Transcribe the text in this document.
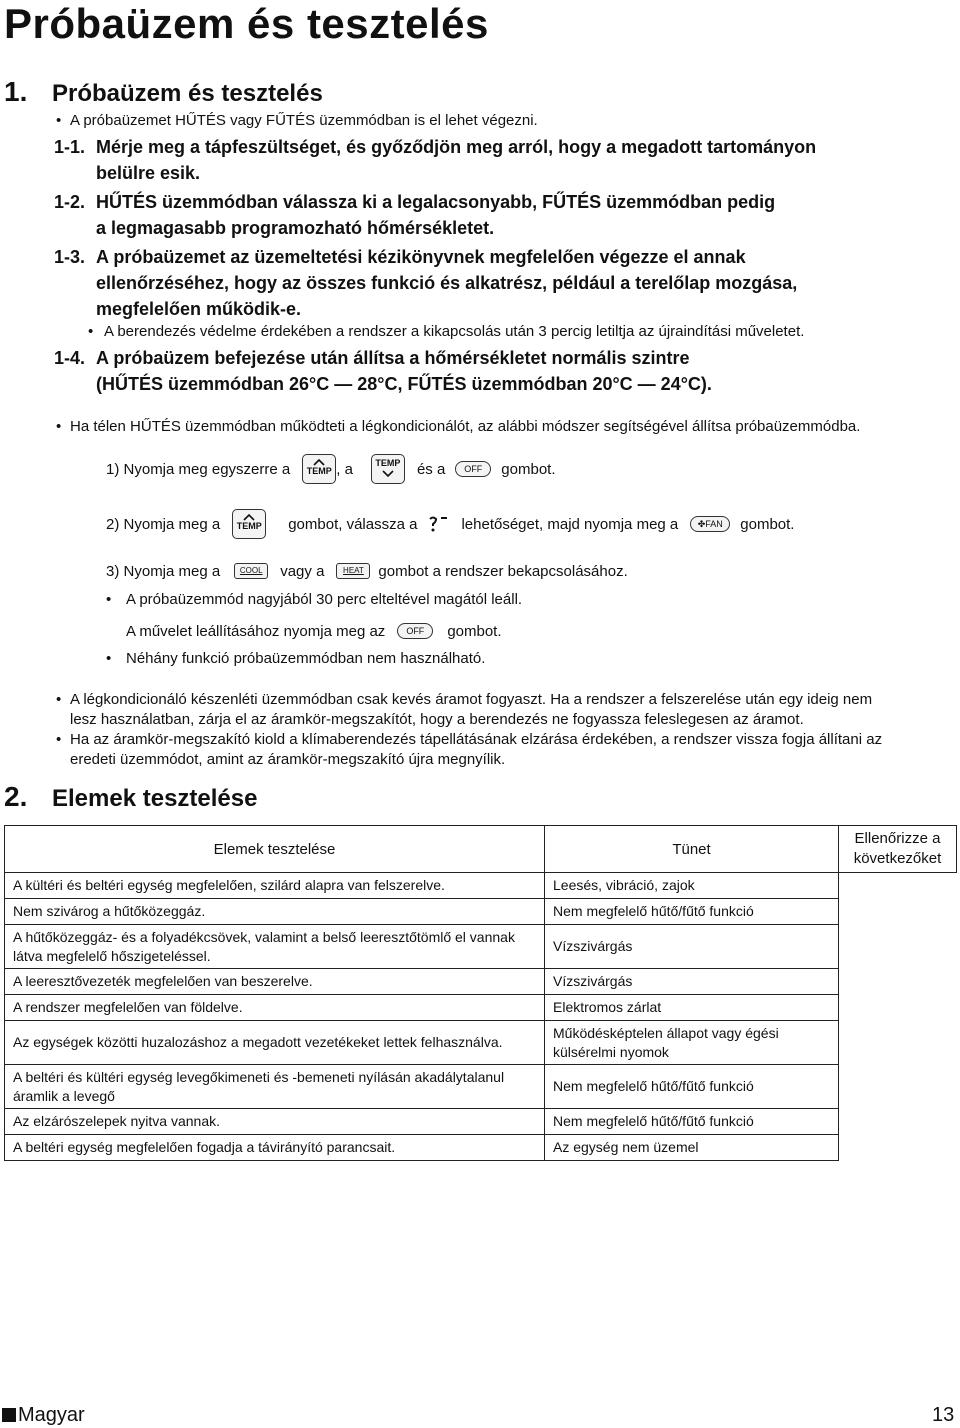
Próbaüzem és tesztelés
1. Próbaüzem és tesztelés
• A próbaüzemet HŰTÉS vagy FŰTÉS üzemmódban is el lehet végezni.
1-1. Mérje meg a tápfeszültséget, és győződjön meg arról, hogy a megadott tartományon
belülre esik.
1-2. HŰTÉS üzemmódban válassza ki a legalacsonyabb, FŰTÉS üzemmódban pedig
a legmagasabb programozható hőmérsékletet.
1-3. A próbaüzemet az üzemeltetési kézikönyvnek megfelelően végezze el annak
ellenőrzéséhez, hogy az összes funkció és alkatrész, például a terelőlap mozgása,
megfelelően működik-e.
• A berendezés védelme érdekében a rendszer a kikapcsolás után 3 percig letiltja az újraindítási műveletet.
1-4. A próbaüzem befejezése után állítsa a hőmérsékletet normális szintre
(HŰTÉS üzemmódban 26°C — 28°C, FŰTÉS üzemmódban 20°C — 24°C).
• Ha télen HŰTÉS üzemmódban működteti a légkondicionálót, az alábbi módszer segítségével állítsa próbaüzemmódba.
1)
Nyomja meg egyszerre a	TEMP , a	TEMP és a	OFF	gombot.
2)
Nyomja meg a	TEMP	gombot, válassza a	lehetőséget, majd nyomja meg a	✤FAN	gombot.
3)
Nyomja meg a	COOL	vagy a	HEAT gombot a rendszer bekapcsolásához.
• A próbaüzemmód nagyjából 30 perc elteltével magától leáll.
A művelet leállításához nyomja meg az	OFF	gombot.
• Néhány funkció próbaüzemmódban nem használható.
• A légkondicionáló készenléti üzemmódban csak kevés áramot fogyaszt. Ha a rendszer a felszerelése után egy ideig nem
lesz használatban, zárja el az áramkör-megszakítót, hogy a berendezés ne fogyassza feleslegesen az áramot.
• Ha az áramkör-megszakító kiold a klímaberendezés tápellátásának elzárása érdekében, a rendszer vissza fogja állítani az
eredeti üzemmódot, amint az áramkör-megszakító újra megnyílik.
2. Elemek tesztelése
Elemek tesztelése	Tünet	Ellenőrizze a
következőket

A kültéri és beltéri egység megfelelően, szilárd alapra van felszerelve.	Leesés, vibráció, zajok	
Nem szivárog a hűtőközeggáz.	Nem megfelelő hűtő/fűtő funkció	
A hűtőközeggáz- és a folyadékcsövek, valamint a belső leeresztőtömlő el vannak látva megfelelő hőszigeteléssel.	Vízszivárgás	
A leeresztővezeték megfelelően van beszerelve.	Vízszivárgás	
A rendszer megfelelően van földelve.	Elektromos zárlat	
Az egységek közötti huzalozáshoz a megadott vezetékeket lettek felhasználva.	Működésképtelen állapot vagy égési külsérelmi nyomok	
A beltéri és kültéri egység levegőkimeneti és -bemeneti nyílásán akadálytalanul áramlik a levegő	Nem megfelelő hűtő/fűtő funkció	
Az elzárószelepek nyitva vannak.	Nem megfelelő hűtő/fűtő funkció	
A beltéri egység megfelelően fogadja a távirányító parancsait.	Az egység nem üzemel	
Magyar	13
